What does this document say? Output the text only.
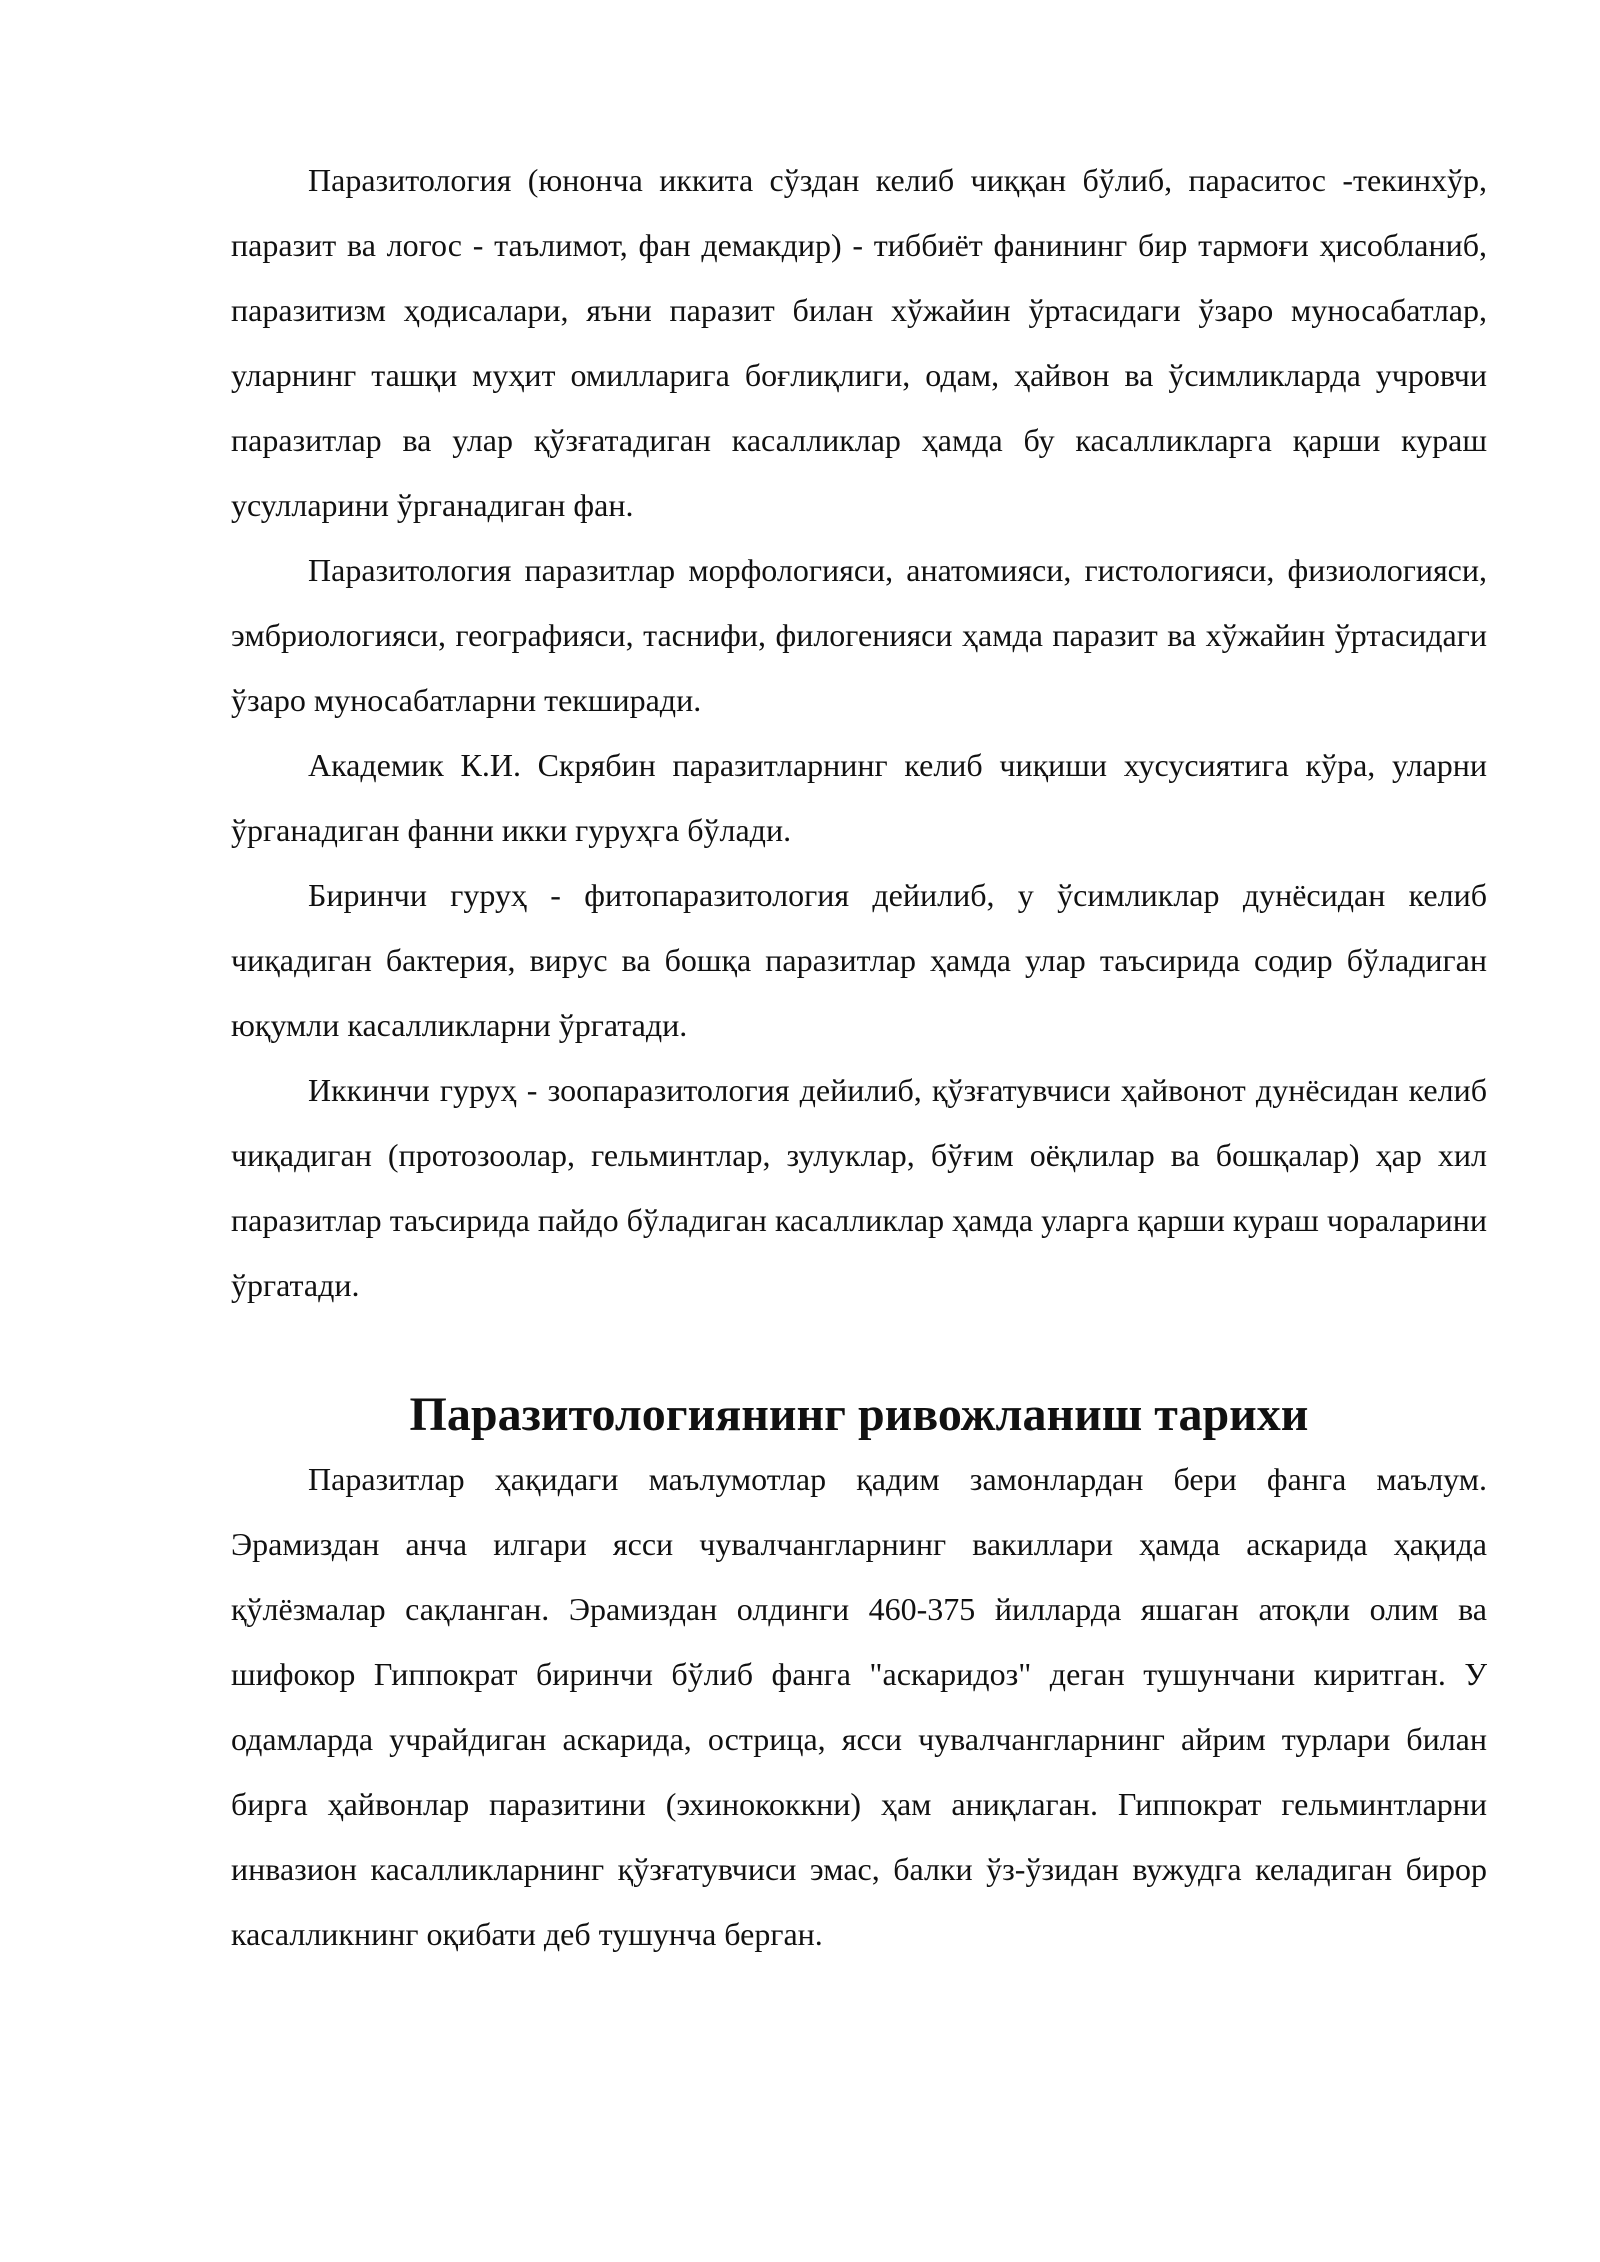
Паразитология (юнонча иккита сўздан келиб чиққан бўлиб, параситос -текинхўр, паразит ва логос - таълимот, фан демакдир) - тиббиёт фанининг бир тармоғи ҳисобланиб, паразитизм ҳодисалари, яъни паразит билан хўжайин ўртасидаги ўзаро муносабатлар, уларнинг ташқи муҳит омилларига боғлиқлиги, одам, ҳайвон ва ўсимликларда учровчи паразитлар ва улар қўзғатадиган касалликлар ҳамда бу касалликларга қарши кураш усулларини ўрганадиган фан.

Паразитология паразитлар морфологияси, анатомияси, гистологияси, физиологияси, эмбриологияси, географияси, таснифи, филогенияси ҳамда паразит ва хўжайин ўртасидаги ўзаро муносабатларни текширади.

Академик К.И. Скрябин паразитларнинг келиб чиқиши хусусиятига кўра, уларни ўрганадиган фанни икки гуруҳга бўлади.

Биринчи гуруҳ - фитопаразитология дейилиб, у ўсимликлар дунёсидан келиб чиқадиган бактерия, вирус ва бошқа паразитлар ҳамда улар таъсирида содир бўладиган юқумли касалликларни ўргатади.

Иккинчи гуруҳ - зоопаразитология дейилиб, қўзғатувчиси ҳайвонот дунёсидан келиб чиқадиган (протозоолар, гельминтлар, зулуклар, бўғим оёқлилар ва бошқалар) ҳар хил паразитлар таъсирида пайдо бўладиган касалликлар ҳамда уларга қарши кураш чораларини ўргатади.

Паразитологиянинг ривожланиш тарихи

Паразитлар ҳақидаги маълумотлар қадим замонлардан бери фанга маълум. Эрамиздан анча илгари ясси чувалчангларнинг вакиллари ҳамда аскарида ҳақида қўлёзмалар сақланган. Эрамиздан олдинги 460-375 йилларда яшаган атоқли олим ва шифокор Гиппократ биринчи бўлиб фанга "аскаридоз" деган тушунчани киритган. У одамларда учрайдиган аскарида, острица, ясси чувалчангларнинг айрим турлари билан бирга ҳайвонлар паразитини (эхинококкни) ҳам аниқлаган. Гиппократ гельминтларни инвазион касалликларнинг қўзғатувчиси эмас, балки ўз-ўзидан вужудга келадиган бирор касалликнинг оқибати деб тушунча берган.
